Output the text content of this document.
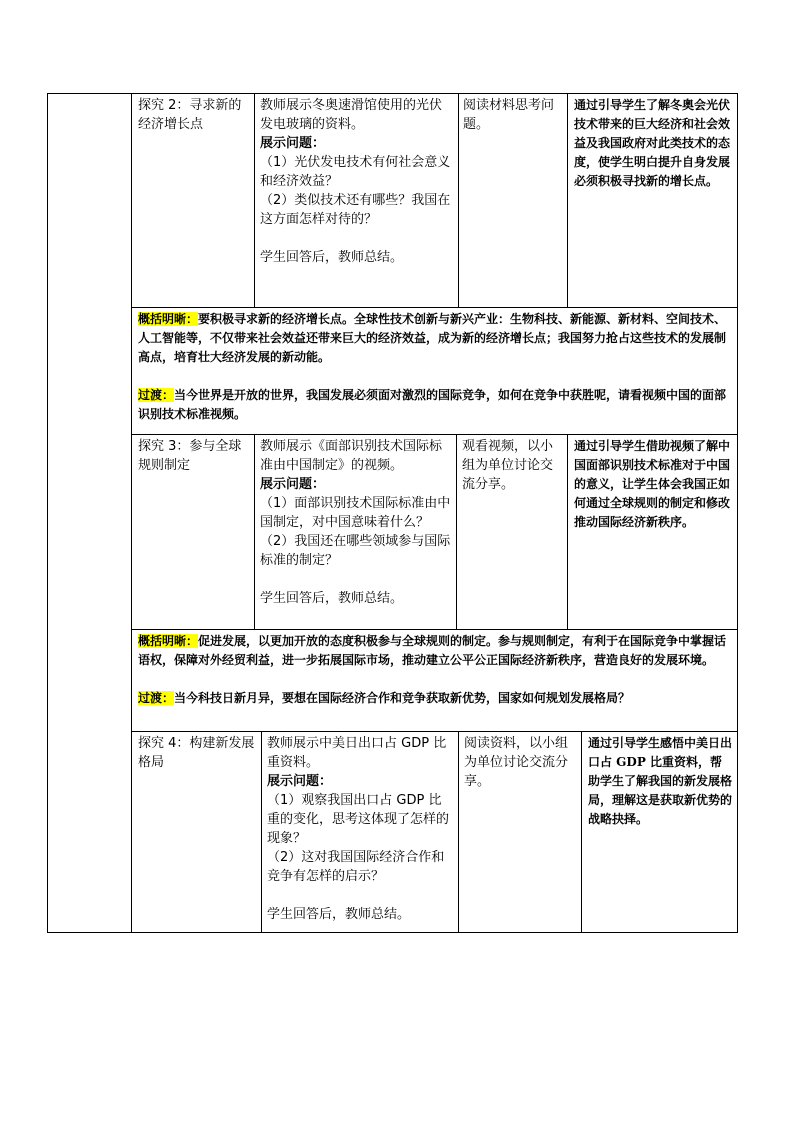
探究 2：寻求新的经济增长点

教师展示冬奥速滑馆使用的光伏发电玻璃的资料。

展示问题：

（1）光伏发电技术有何社会意义和经济效益？

（2）类似技术还有哪些？我国在这方面怎样对待的？

学生回答后，教师总结。

阅读材料思考问题。

通过引导学生了解冬奥会光伏技术带来的巨大经济和社会效益及我国政府对此类技术的态度，使学生明白提升自身发展必须积极寻找新的增长点。

概括明晰：要积极寻求新的经济增长点。全球性技术创新与新兴产业：生物科技、新能源、新材料、空间技术、人工智能等，不仅带来社会效益还带来巨大的经济效益，成为新的经济增长点；我国努力抢占这些技术的发展制高点，培育壮大经济发展的新动能。

过渡：当今世界是开放的世界，我国发展必须面对激烈的国际竞争，如何在竞争中获胜呢，请看视频中国的面部识别技术标准视频。

探究 3：参与全球规则制定

教师展示《面部识别技术国际标准由中国制定》的视频。

展示问题：

（1）面部识别技术国际标准由中国制定，对中国意味着什么？

（2）我国还在哪些领域参与国际标准的制定？

学生回答后，教师总结。

观看视频，以小组为单位讨论交流分享。

通过引导学生借助视频了解中国面部识别技术标准对于中国的意义，让学生体会我国正如何通过全球规则的制定和修改推动国际经济新秩序。

概括明晰：促进发展，以更加开放的态度积极参与全球规则的制定。参与规则制定，有利于在国际竞争中掌握话语权，保障对外经贸利益，进一步拓展国际市场，推动建立公平公正国际经济新秩序，营造良好的发展环境。

过渡：当今科技日新月异，要想在国际经济合作和竞争获取新优势，国家如何规划发展格局？

探究 4：构建新发展格局

教师展示中美日出口占 GDP 比重资料。

展示问题：

（1）观察我国出口占 GDP 比重的变化，思考这体现了怎样的现象？

（2）这对我国国际经济合作和竞争有怎样的启示？

学生回答后，教师总结。

阅读资料，以小组为单位讨论交流分享。

通过引导学生感悟中美日出口占 GDP 比重资料，帮助学生了解我国的新发展格局，理解这是获取新优势的战略抉择。
